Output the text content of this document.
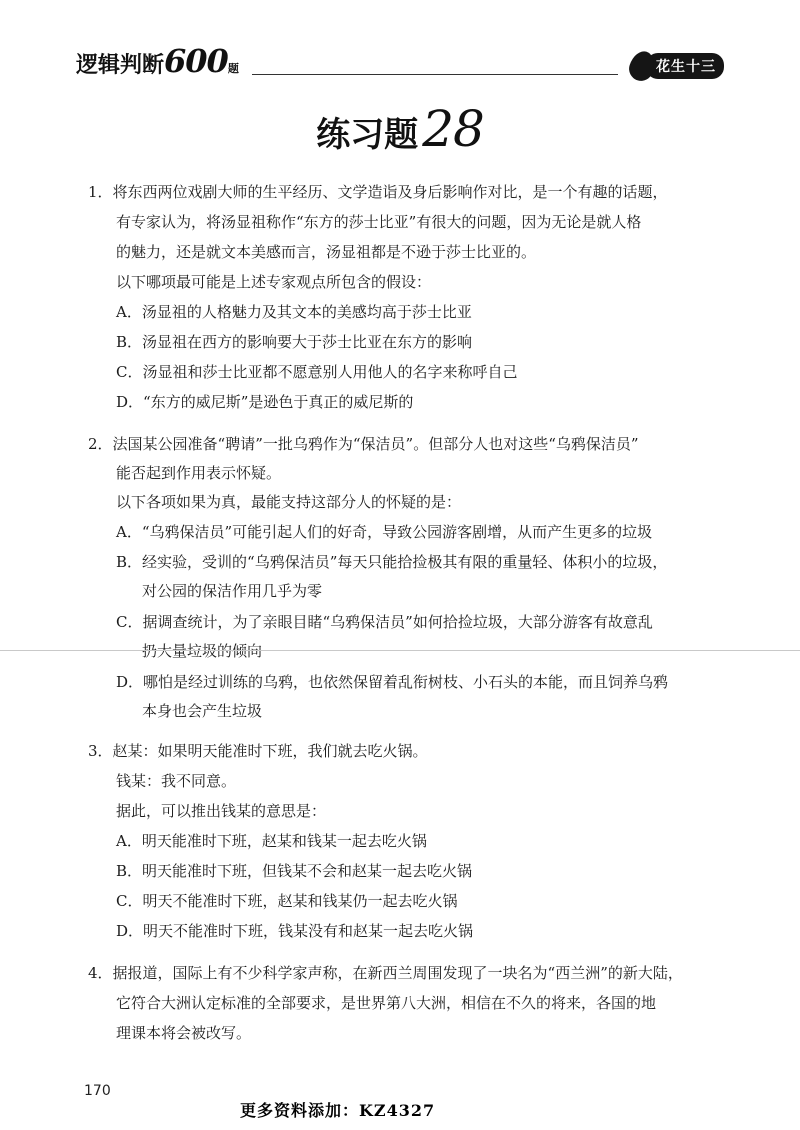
逻辑判断600题	花生十三
练习题28
1．将东西两位戏剧大师的生平经历、文学造诣及身后影响作对比，是一个有趣的话题，
有专家认为，将汤显祖称作“东方的莎士比亚”有很大的问题，因为无论是就人格
的魅力，还是就文本美感而言，汤显祖都是不逊于莎士比亚的。
以下哪项最可能是上述专家观点所包含的假设：
A．汤显祖的人格魅力及其文本的美感均高于莎士比亚
B．汤显祖在西方的影响要大于莎士比亚在东方的影响
C．汤显祖和莎士比亚都不愿意别人用他人的名字来称呼自己
D．“东方的威尼斯”是逊色于真正的威尼斯的
2．法国某公园准备“聘请”一批乌鸦作为“保洁员”。但部分人也对这些“乌鸦保洁员”
能否起到作用表示怀疑。
以下各项如果为真，最能支持这部分人的怀疑的是：
A．“乌鸦保洁员”可能引起人们的好奇，导致公园游客剧增，从而产生更多的垃圾
B．经实验，受训的“乌鸦保洁员”每天只能拾捡极其有限的重量轻、体积小的垃圾，
对公园的保洁作用几乎为零
C．据调查统计，为了亲眼目睹“乌鸦保洁员”如何拾捡垃圾，大部分游客有故意乱
扔大量垃圾的倾向
D．哪怕是经过训练的乌鸦，也依然保留着乱衔树枝、小石头的本能，而且饲养乌鸦
本身也会产生垃圾
3．赵某：如果明天能准时下班，我们就去吃火锅。
钱某：我不同意。
据此，可以推出钱某的意思是：
A．明天能准时下班，赵某和钱某一起去吃火锅
B．明天能准时下班，但钱某不会和赵某一起去吃火锅
C．明天不能准时下班，赵某和钱某仍一起去吃火锅
D．明天不能准时下班，钱某没有和赵某一起去吃火锅
4．据报道，国际上有不少科学家声称，在新西兰周围发现了一块名为“西兰洲”的新大陆，
它符合大洲认定标准的全部要求，是世界第八大洲，相信在不久的将来，各国的地
理课本将会被改写。
170
更多资料添加：KZ4327
